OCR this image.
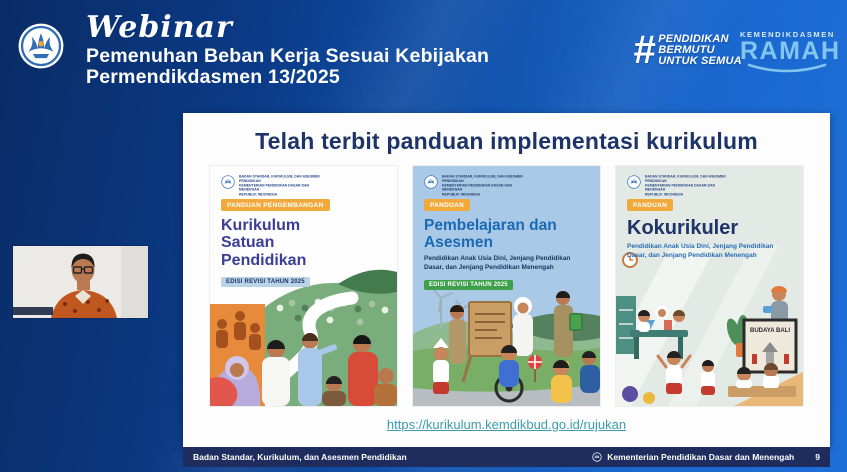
Webinar
Pemenuhan Beban Kerja Sesuai Kebijakan
Permendikdasmen 13/2025
# PENDIDIKAN
BERMUTU
UNTUK SEMUA
KEMENDIKDASMEN
RAMAH
Telah terbit panduan implementasi kurikulum
BADAN STANDAR, KURIKULUM, DAN ASESMEN PENDIDIKAN
KEMENTERIAN PENDIDIKAN DASAR DAN MENENGAH
REPUBLIK INDONESIA
PANDUAN PENGEMBANGAN
Kurikulum Satuan Pendidikan
EDISI REVISI TAHUN 2025
BADAN STANDAR, KURIKULUM, DAN ASESMEN PENDIDIKAN
KEMENTERIAN PENDIDIKAN DASAR DAN MENENGAH
REPUBLIK INDONESIA
PANDUAN
Pembelajaran dan Asesmen
Pendidikan Anak Usia Dini, Jenjang Pendidikan Dasar, dan Jenjang Pendidikan Menengah
EDISI REVISI TAHUN 2025
BADAN STANDAR, KURIKULUM, DAN ASESMEN PENDIDIKAN
KEMENTERIAN PENDIDIKAN DASAR DAN MENENGAH
REPUBLIK INDONESIA
PANDUAN
Kokurikuler
Pendidikan Anak Usia Dini, Jenjang Pendidikan Dasar, dan Jenjang Pendidikan Menengah
BUDAYA BALI
https://kurikulum.kemdikbud.go.id/rujukan
Badan Standar, Kurikulum, dan Asesmen Pendidikan	Kementerian Pendidikan Dasar dan Menengah 9
